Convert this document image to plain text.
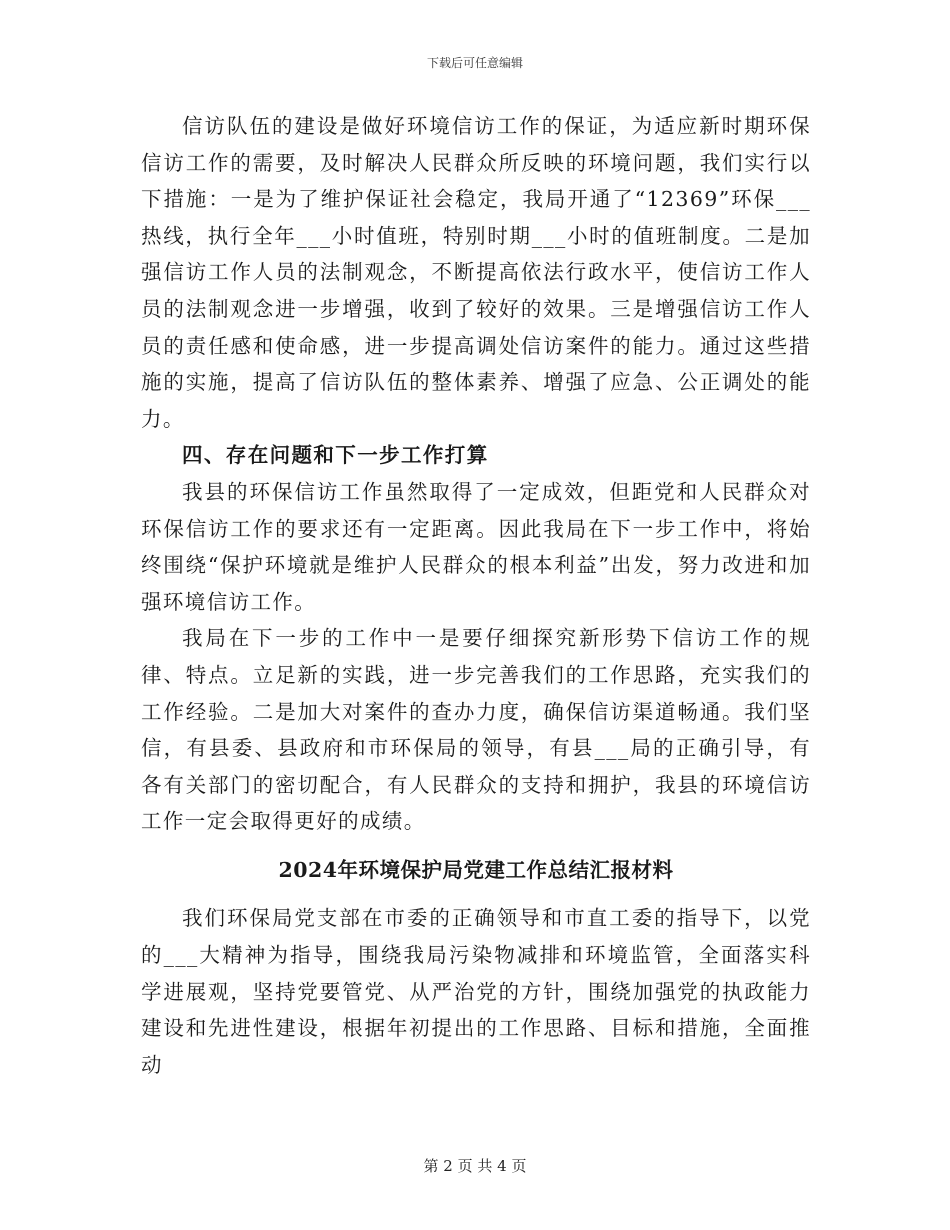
下载后可任意编辑

信访队伍的建设是做好环境信访工作的保证，为适应新时期环保信访工作的需要，及时解决人民群众所反映的环境问题，我们实行以下措施：一是为了维护保证社会稳定，我局开通了“12369”环保___热线，执行全年___小时值班，特别时期___小时的值班制度。二是加强信访工作人员的法制观念，不断提高依法行政水平，使信访工作人员的法制观念进一步增强，收到了较好的效果。三是增强信访工作人员的责任感和使命感，进一步提高调处信访案件的能力。通过这些措施的实施，提高了信访队伍的整体素养、增强了应急、公正调处的能力。

四、存在问题和下一步工作打算

我县的环保信访工作虽然取得了一定成效，但距党和人民群众对环保信访工作的要求还有一定距离。因此我局在下一步工作中，将始终围绕“保护环境就是维护人民群众的根本利益”出发，努力改进和加强环境信访工作。

我局在下一步的工作中一是要仔细探究新形势下信访工作的规律、特点。立足新的实践，进一步完善我们的工作思路，充实我们的工作经验。二是加大对案件的查办力度，确保信访渠道畅通。我们坚信，有县委、县政府和市环保局的领导，有县___局的正确引导，有各有关部门的密切配合，有人民群众的支持和拥护，我县的环境信访工作一定会取得更好的成绩。

2024年环境保护局党建工作总结汇报材料

我们环保局党支部在市委的正确领导和市直工委的指导下，以党的___大精神为指导，围绕我局污染物减排和环境监管，全面落实科学进展观，坚持党要管党、从严治党的方针，围绕加强党的执政能力建设和先进性建设，根据年初提出的工作思路、目标和措施，全面推动

第 2 页 共 4 页
